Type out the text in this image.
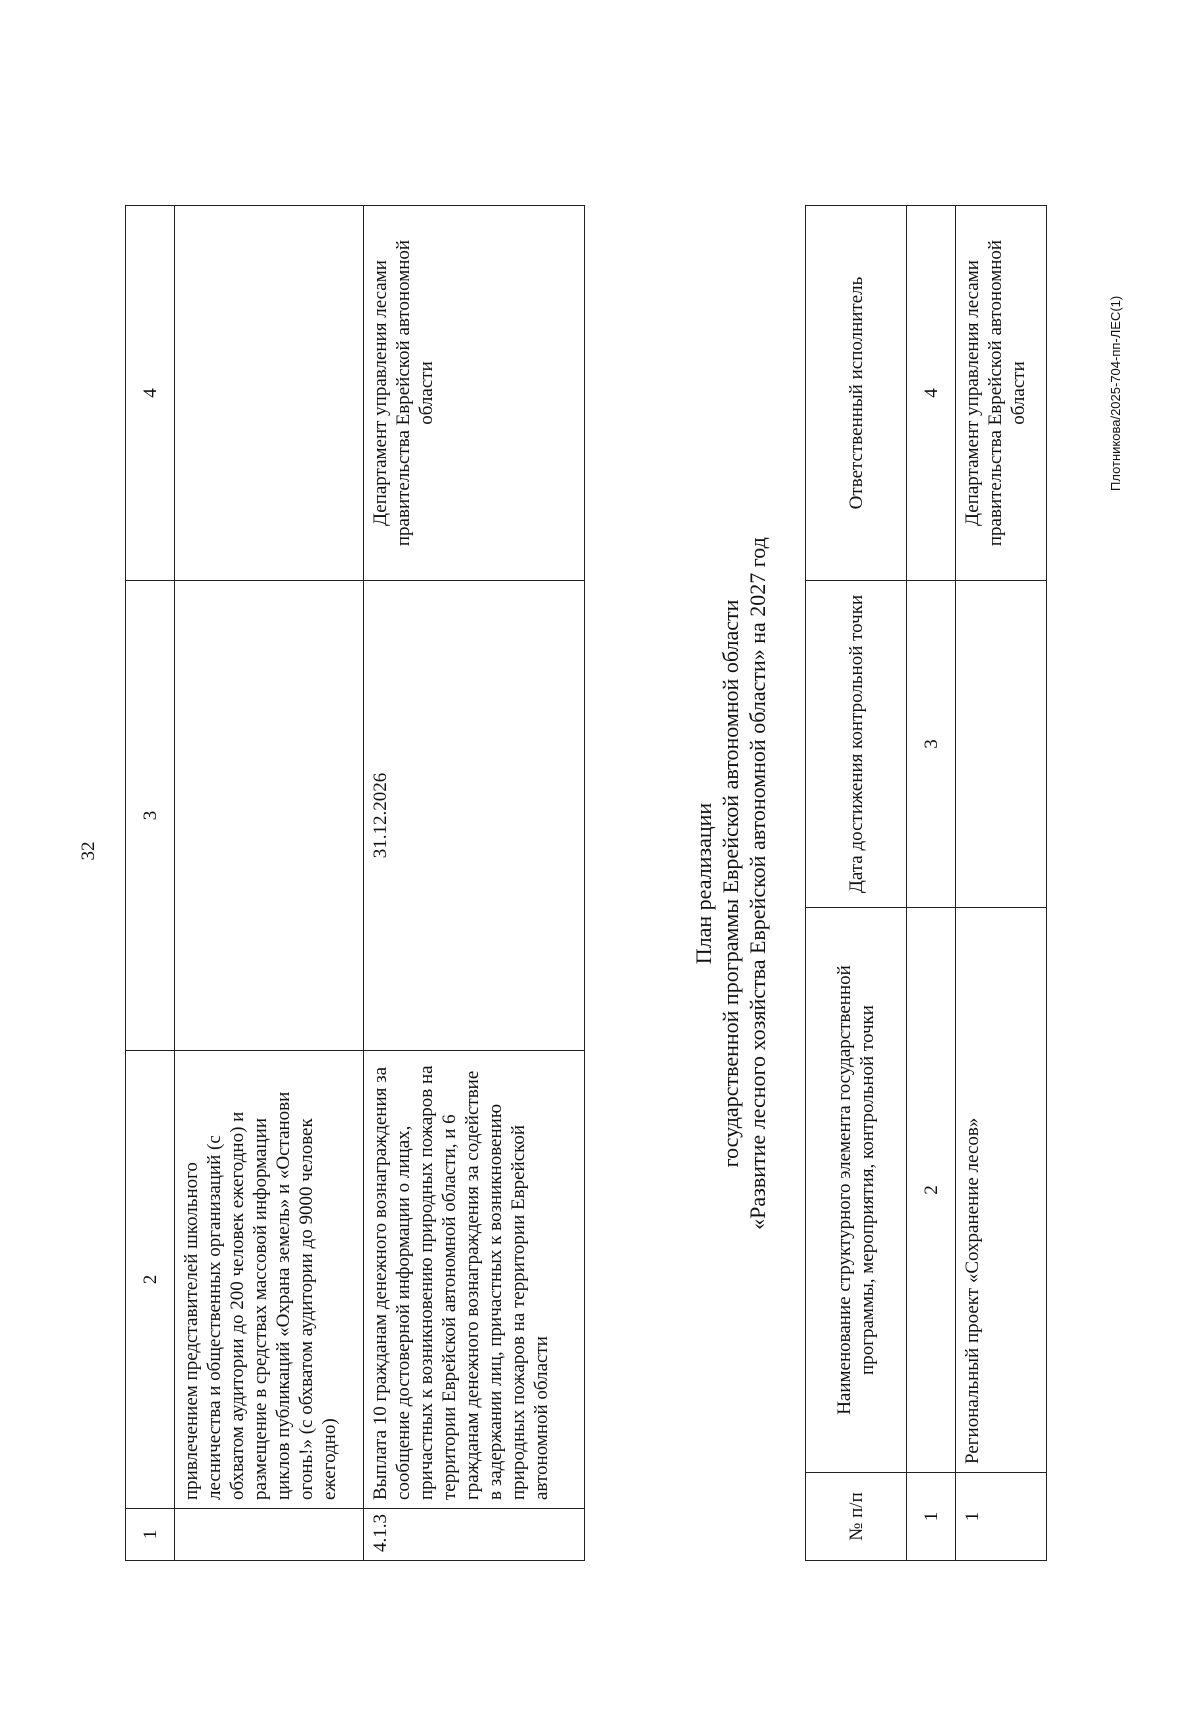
32
1	2	3	4
	привлечением представителей школьного лесничества и общественных организаций (с обхватом аудитории до 200 человек ежегодно) и размещение в средствах массовой информации циклов публикаций «Охрана земель» и «Останови огонь!» (с обхватом аудитории до 9000 человек ежегодно)		
4.1.3	Выплата 10 гражданам денежного вознаграждения за сообщение достоверной информации о лицах, причастных к возникновению природных пожаров на территории Еврейской автономной области, и 6 гражданам денежного вознаграждения за содействие в задержании лиц, причастных к возникновению природных пожаров на территории Еврейской автономной области	31.12.2026	Департамент управления лесами правительства Еврейской автономной области
План реализации государственной программы Еврейской автономной области «Развитие лесного хозяйства Еврейской автономной области» на 2027 год
№ п/п	Наименование структурного элемента государственной программы, мероприятия, контрольной точки	Дата достижения контрольной точки	Ответственный исполнитель
1	2	3	4
1	Региональный проект «Сохранение лесов»		Департамент управления лесами правительства Еврейской автономной области	Плотникова/2025-704-пп-ЛЕС(1)
